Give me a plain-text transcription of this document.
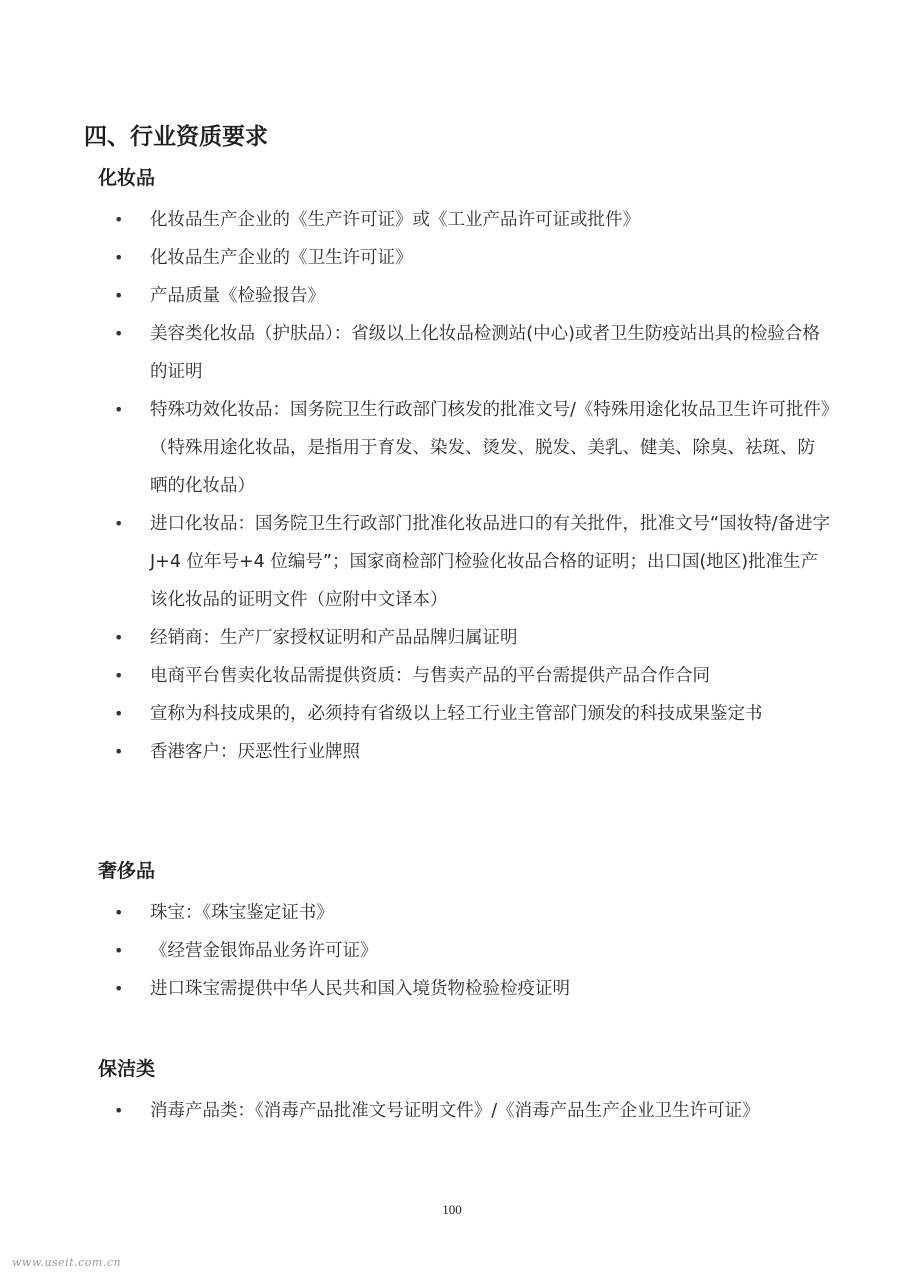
四、行业资质要求
化妆品
• 化妆品生产企业的《生产许可证》或《工业产品许可证或批件》
• 化妆品生产企业的《卫生许可证》
• 产品质量《检验报告》
• 美容类化妆品（护肤品）：省级以上化妆品检测站(中心)或者卫生防疫站出具的检验合格的证明
• 特殊功效化妆品：国务院卫生行政部门核发的批准文号/《特殊用途化妆品卫生许可批件》（特殊用途化妆品，是指用于育发、染发、烫发、脱发、美乳、健美、除臭、祛斑、防晒的化妆品）
• 进口化妆品：国务院卫生行政部门批准化妆品进口的有关批件，批准文号“国妆特/备进字 J+4 位年号+4 位编号”；国家商检部门检验化妆品合格的证明；出口国(地区)批准生产该化妆品的证明文件（应附中文译本）
• 经销商：生产厂家授权证明和产品品牌归属证明
• 电商平台售卖化妆品需提供资质：与售卖产品的平台需提供产品合作合同
• 宣称为科技成果的，必须持有省级以上轻工行业主管部门颁发的科技成果鉴定书
• 香港客户：厌恶性行业牌照
奢侈品
• 珠宝：《珠宝鉴定证书》
• 《经营金银饰品业务许可证》
• 进口珠宝需提供中华人民共和国入境货物检验检疫证明
保洁类
• 消毒产品类：《消毒产品批准文号证明文件》/《消毒产品生产企业卫生许可证》
100
www.useit.com.cn
